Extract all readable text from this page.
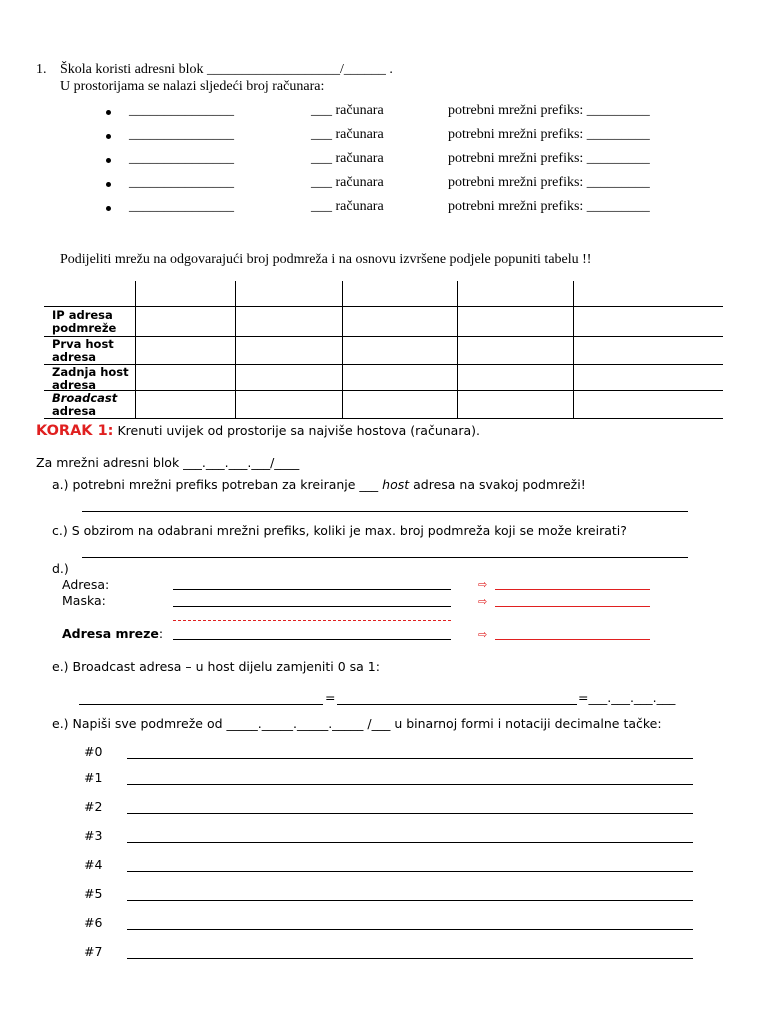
1. Škola koristi adresni blok ___________________/______ .
U prostorijama se nalazi sljedeći broj računara:
_______________	___ računara	potrebni mrežni prefiks: _________
_______________	___ računara	potrebni mrežni prefiks: _________
_______________	___ računara	potrebni mrežni prefiks: _________
_______________	___ računara	potrebni mrežni prefiks: _________
_______________	___ računara	potrebni mrežni prefiks: _________
Podijeliti mrežu na odgovarajući broj podmreža i na osnovu izvršene podjele popuniti tabelu !!
IP adresa
podmreže
Prva host
adresa
Zadnja host
adresa
Broadcast
adresa
KORAK 1: Krenuti uvijek od prostorije sa najviše hostova (računara).
Za mrežni adresni blok ___.___.___.___/____
a.) potrebni mrežni prefiks potreban za kreiranje ___ host adresa na svakoj podmreži!
c.) S obzirom na odabrani mrežni prefiks, koliki je max. broj podmreža koji se može kreirati?
d.)
Adresa:	⇨
Maska:	⇨
Adresa mreze:	⇨
e.) Broadcast adresa – u host dijelu zamjeniti 0 sa 1:
=	=___.___.___.___
e.) Napiši sve podmreže od _____._____._____._____ /___ u binarnoj formi i notaciji decimalne tačke:
#0
#1
#2
#3
#4
#5
#6
#7
